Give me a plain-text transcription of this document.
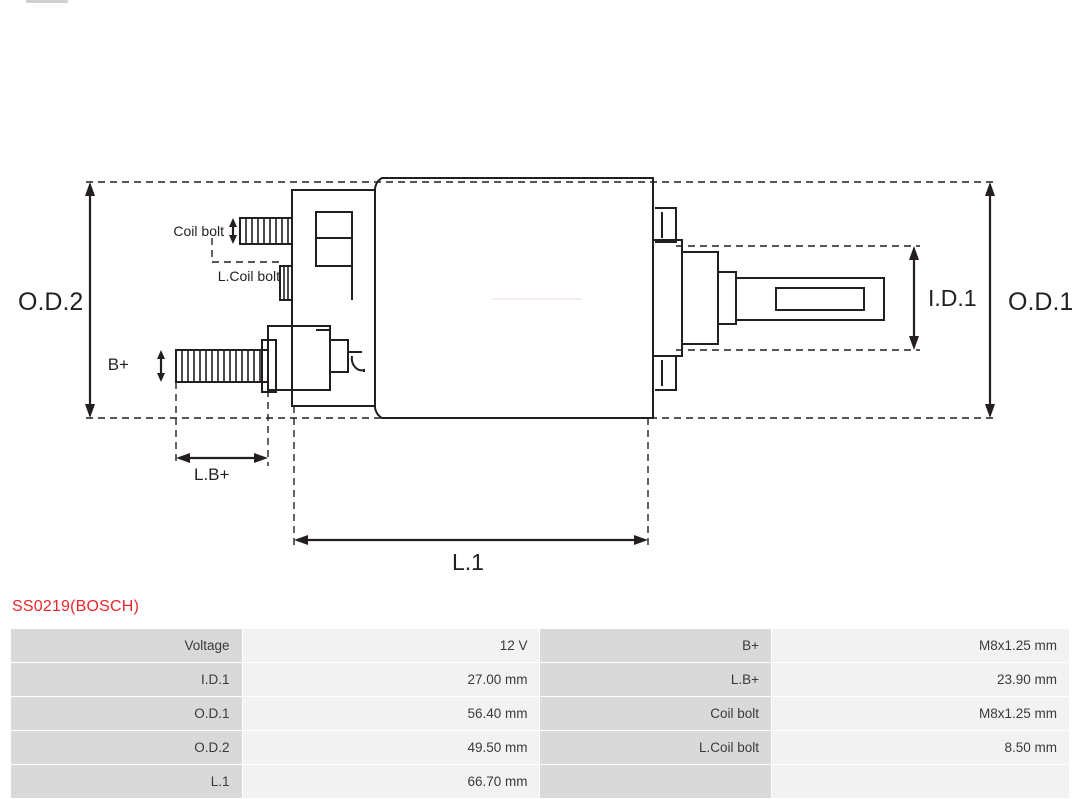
O.D.2	O.D.1
I.D.1
L.1
L.B+
B+
Coil bolt
L.Coil bolt
SS0219(BOSCH)
Voltage	12 V	B+	M8x1.25 mm
I.D.1	27.00 mm	L.B+	23.90 mm
O.D.1	56.40 mm	Coil bolt	M8x1.25 mm
O.D.2	49.50 mm	L.Coil bolt	8.50 mm
L.1	66.70 mm		
